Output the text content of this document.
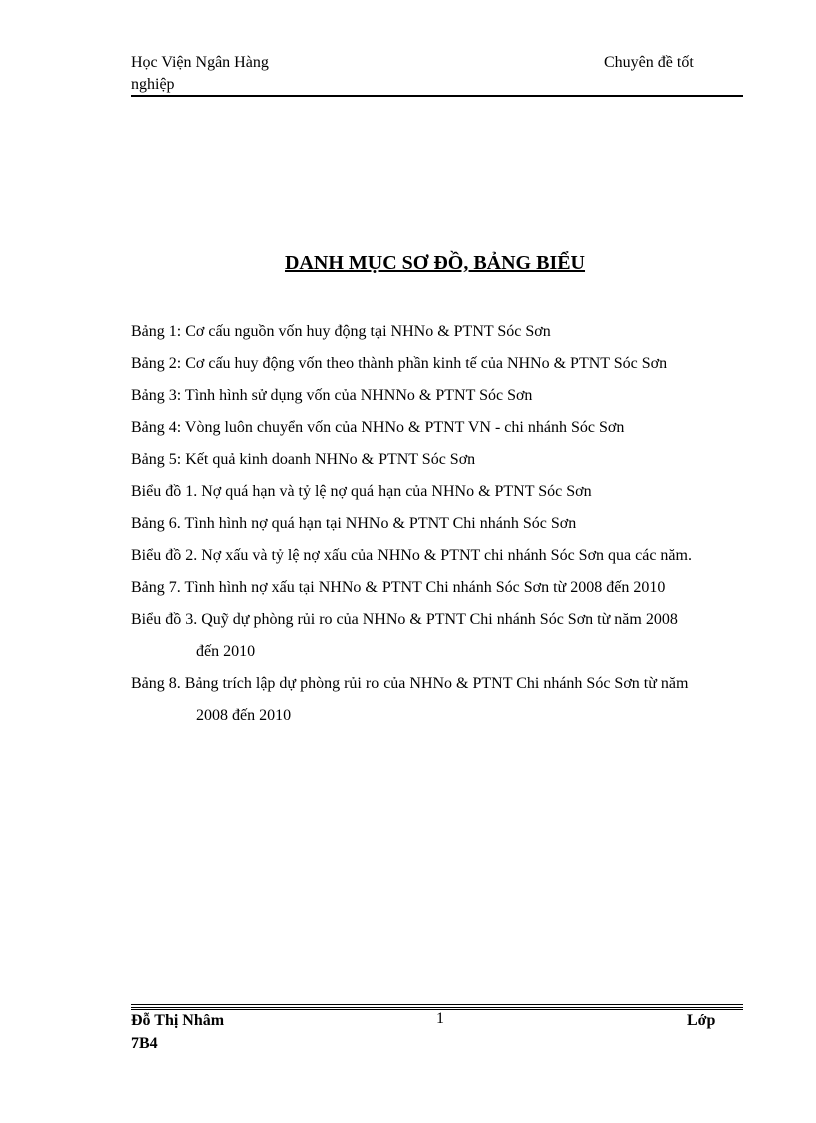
Học Viện Ngân Hàng	Chuyên đề tốt
nghiệp
DANH MỤC SƠ ĐỒ, BẢNG BIỂU
Bảng 1: Cơ cấu nguồn vốn huy động tại NHNo & PTNT Sóc Sơn
Bảng 2: Cơ cấu huy động vốn theo thành phần kinh tế của NHNo & PTNT Sóc Sơn
Bảng 3: Tình hình sử dụng vốn của NHNNo & PTNT Sóc Sơn
Bảng 4: Vòng luôn chuyển vốn của NHNo & PTNT VN - chi nhánh Sóc Sơn
Bảng 5: Kết quả kinh doanh NHNo & PTNT Sóc Sơn
Biểu đồ 1. Nợ quá hạn và tỷ lệ nợ quá hạn của NHNo & PTNT Sóc Sơn
Bảng 6. Tình hình nợ quá hạn tại NHNo & PTNT Chi nhánh Sóc Sơn
Biểu đồ 2. Nợ xấu và tỷ lệ nợ xấu của NHNo & PTNT chi nhánh Sóc Sơn qua các năm.
Bảng 7. Tình hình nợ xấu tại NHNo & PTNT Chi nhánh Sóc Sơn từ 2008 đến 2010
Biểu đồ 3. Quỹ dự phòng rủi ro của NHNo & PTNT Chi nhánh Sóc Sơn từ năm 2008
đến 2010
Bảng 8. Bảng trích lập dự phòng rủi ro của NHNo & PTNT Chi nhánh Sóc Sơn từ năm
2008 đến 2010
Đỗ Thị Nhâm	1	Lớp
7B4
